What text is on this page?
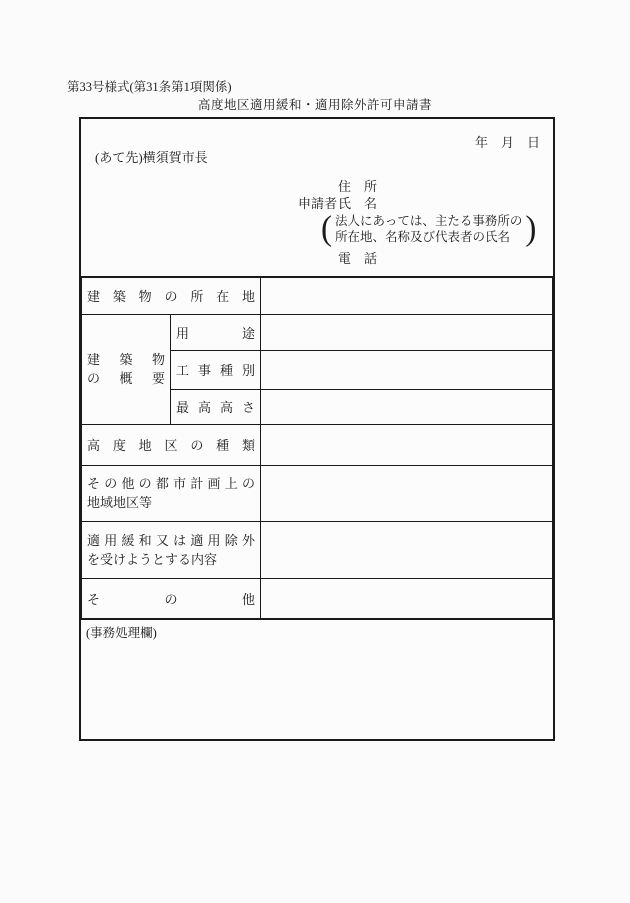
第33号様式(第31条第1項関係)
高度地区適用緩和・適用除外許可申請書
年　月　日
(あて先)横須賀市長
申請者
住　所
氏　名
( 法人にあっては、主たる事務所の
所在地、名称及び代表者の氏名 )
電　話
建 築 物 の 所 在 地

建 築 物
の 概 要

用	途

	工 事 種 別	

	最 高 高 さ	

高 度 地 区 の 種 類

そ の 他 の 都 市 計 画 上 の
地域地区等

適 用 緩 和 又 は 適 用 除 外
を受けようとする内容

そ の 他		

(事務処理欄)
